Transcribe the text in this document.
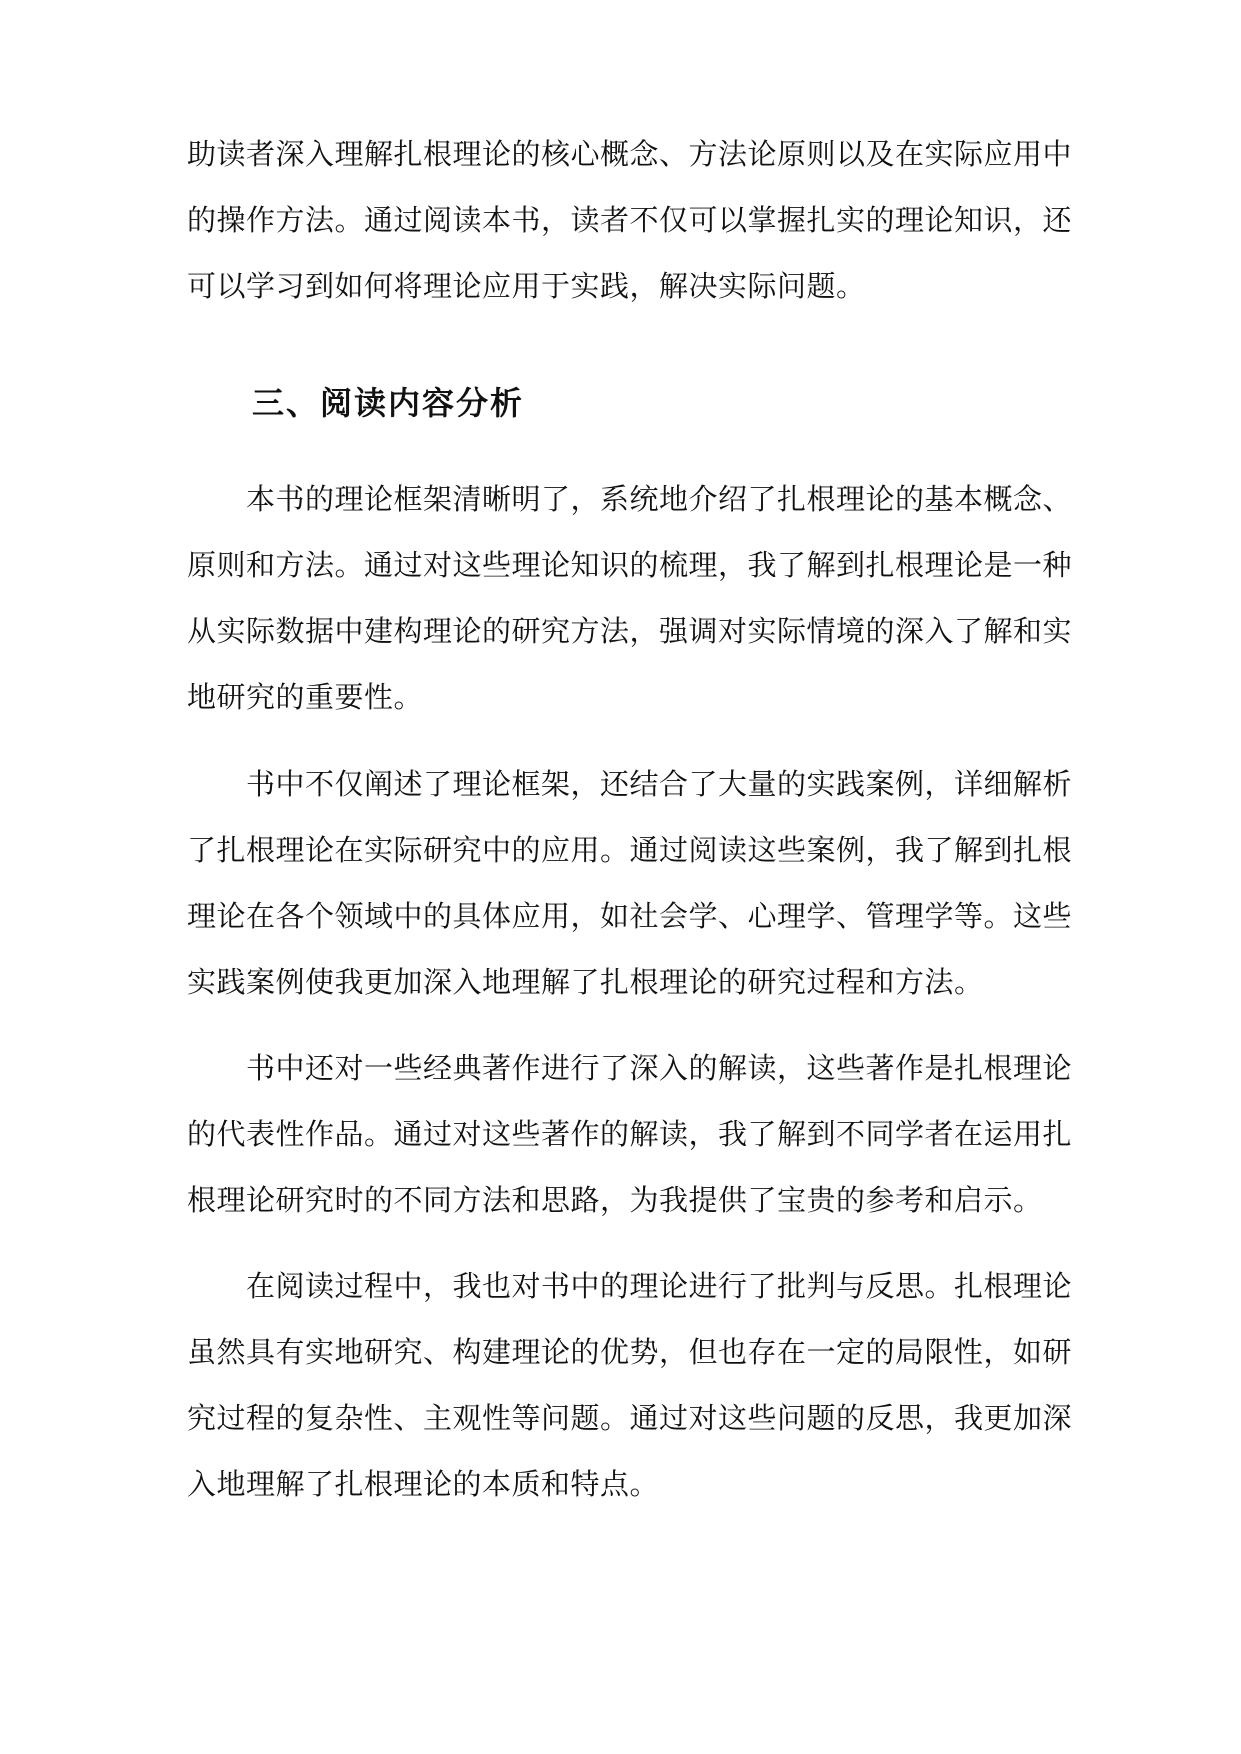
助读者深入理解扎根理论的核心概念、方法论原则以及在实际应用中
的操作方法。通过阅读本书，读者不仅可以掌握扎实的理论知识，还
可以学习到如何将理论应用于实践，解决实际问题。
三、阅读内容分析
本书的理论框架清晰明了，系统地介绍了扎根理论的基本概念、
原则和方法。通过对这些理论知识的梳理，我了解到扎根理论是一种
从实际数据中建构理论的研究方法，强调对实际情境的深入了解和实
地研究的重要性。
书中不仅阐述了理论框架，还结合了大量的实践案例，详细解析
了扎根理论在实际研究中的应用。通过阅读这些案例，我了解到扎根
理论在各个领域中的具体应用，如社会学、心理学、管理学等。这些
实践案例使我更加深入地理解了扎根理论的研究过程和方法。
书中还对一些经典著作进行了深入的解读，这些著作是扎根理论
的代表性作品。通过对这些著作的解读，我了解到不同学者在运用扎
根理论研究时的不同方法和思路，为我提供了宝贵的参考和启示。
在阅读过程中，我也对书中的理论进行了批判与反思。扎根理论
虽然具有实地研究、构建理论的优势，但也存在一定的局限性，如研
究过程的复杂性、主观性等问题。通过对这些问题的反思，我更加深
入地理解了扎根理论的本质和特点。
